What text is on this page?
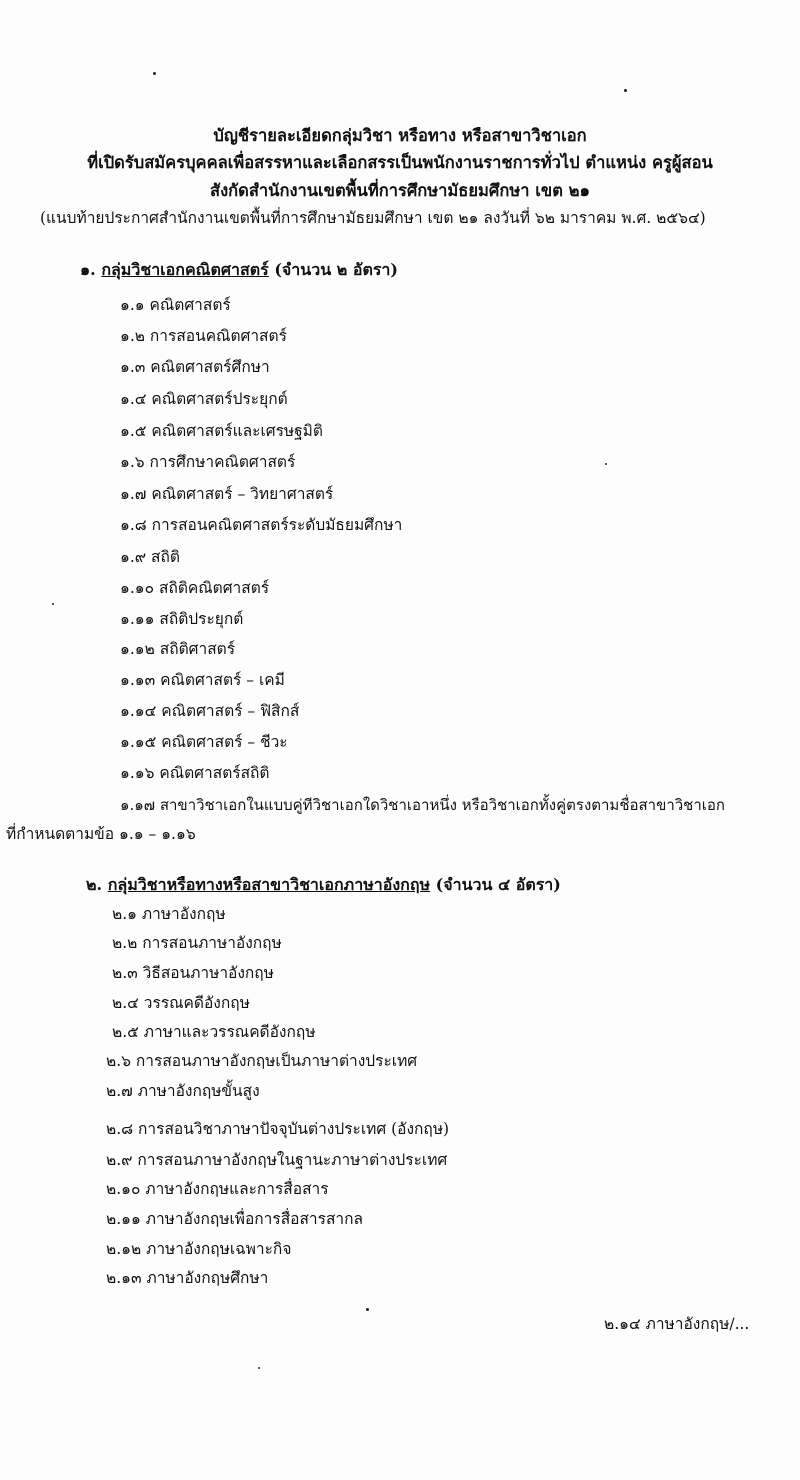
บัญชีรายละเอียดกลุ่มวิชา หรือทาง หรือสาขาวิชาเอก
ที่เปิดรับสมัครบุคคลเพื่อสรรหาและเลือกสรรเป็นพนักงานราชการทั่วไป ตำแหน่ง ครูผู้สอน
สังกัดสำนักงานเขตพื้นที่การศึกษามัธยมศึกษา เขต ๒๑
(แนบท้ายประกาศสำนักงานเขตพื้นที่การศึกษามัธยมศึกษา เขต ๒๑ ลงวันที่ ๖๒ มาราคม พ.ศ. ๒๕๖๔)
๑. กลุ่มวิชาเอกคณิตศาสตร์ (จำนวน ๒ อัตรา)
๑.๑ คณิตศาสตร์
๑.๒ การสอนคณิตศาสตร์
๑.๓ คณิตศาสตร์ศึกษา
๑.๔ คณิตศาสตร์ประยุกต์
๑.๕ คณิตศาสตร์และเศรษฐมิติ
๑.๖ การศึกษาคณิตศาสตร์
๑.๗ คณิตศาสตร์ – วิทยาศาสตร์
๑.๘ การสอนคณิตศาสตร์ระดับมัธยมศึกษา
๑.๙ สถิติ
๑.๑๐ สถิติคณิตศาสตร์
๑.๑๑ สถิติประยุกต์
๑.๑๒ สถิติศาสตร์
๑.๑๓ คณิตศาสตร์ – เคมี
๑.๑๔ คณิตศาสตร์ – ฟิสิกส์
๑.๑๕ คณิตศาสตร์ – ชีวะ
๑.๑๖ คณิตศาสตร์สถิติ
๑.๑๗ สาขาวิชาเอกในแบบคู่ทีวิชาเอกใดวิชาเอาหนึ่ง หรือวิชาเอกทั้งคู่ตรงตามชื่อสาขาวิชาเอก
ที่กำหนดตามข้อ ๑.๑ – ๑.๑๖
๒. กลุ่มวิชาหรือทางหรือสาขาวิชาเอกภาษาอังกฤษ (จำนวน ๔ อัตรา)
๒.๑ ภาษาอังกฤษ
๒.๒ การสอนภาษาอังกฤษ
๒.๓ วิธีสอนภาษาอังกฤษ
๒.๔ วรรณคดีอังกฤษ
๒.๕ ภาษาและวรรณคดีอังกฤษ
๒.๖ การสอนภาษาอังกฤษเป็นภาษาต่างประเทศ
๒.๗ ภาษาอังกฤษขั้นสูง
๒.๘ การสอนวิชาภาษาปัจจุบันต่างประเทศ (อังกฤษ)
๒.๙ การสอนภาษาอังกฤษในฐานะภาษาต่างประเทศ
๒.๑๐ ภาษาอังกฤษและการสื่อสาร
๒.๑๑ ภาษาอังกฤษเพื่อการสื่อสารสากล
๒.๑๒ ภาษาอังกฤษเฉพาะกิจ
๒.๑๓ ภาษาอังกฤษศึกษา
๒.๑๔ ภาษาอังกฤษ/...
